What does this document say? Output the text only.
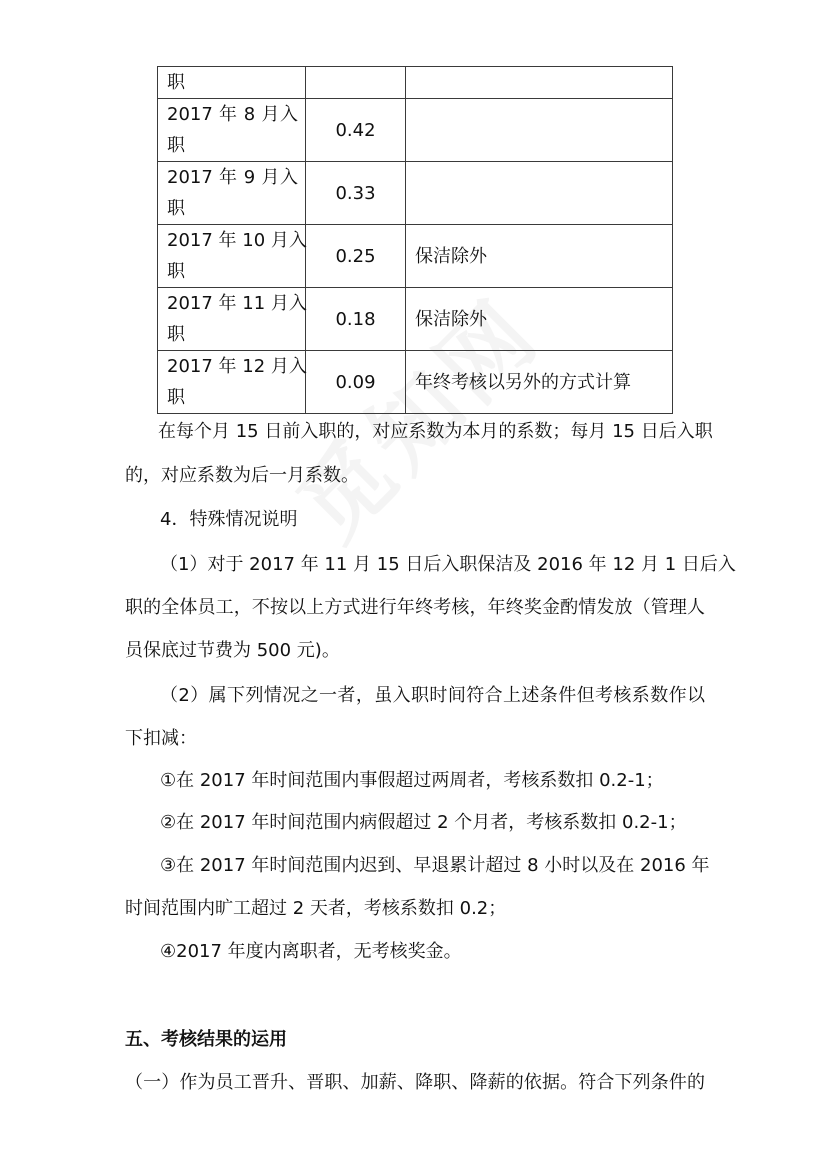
职		

2017 年 8 月入
职	0.42	

2017 年 9 月入
职	0.33	

2017 年 10 月入
职	0.25	保洁除外

2017 年 11 月入
职	0.18	保洁除外

2017 年 12 月入
职	0.09	年终考核以另外的方式计算
在每个月 15 日前入职的，对应系数为本月的系数；每月 15 日后入职
的，对应系数为后一月系数。
4．特殊情况说明
（1）对于 2017 年 11 月 15 日后入职保洁及 2016 年 12 月 1 日后入
职的全体员工，不按以上方式进行年终考核，年终奖金酌情发放（管理人
员保底过节费为 500 元)。
（2）属下列情况之一者，虽入职时间符合上述条件但考核系数作以
下扣减：
①在 2017 年时间范围内事假超过两周者，考核系数扣 0.2-1；
②在 2017 年时间范围内病假超过 2 个月者，考核系数扣 0.2-1；
③在 2017 年时间范围内迟到、早退累计超过 8 小时以及在 2016 年
时间范围内旷工超过 2 天者，考核系数扣 0.2；
④2017 年度内离职者，无考核奖金。
五、考核结果的运用
（一）作为员工晋升、晋职、加薪、降职、降薪的依据。符合下列条件的
